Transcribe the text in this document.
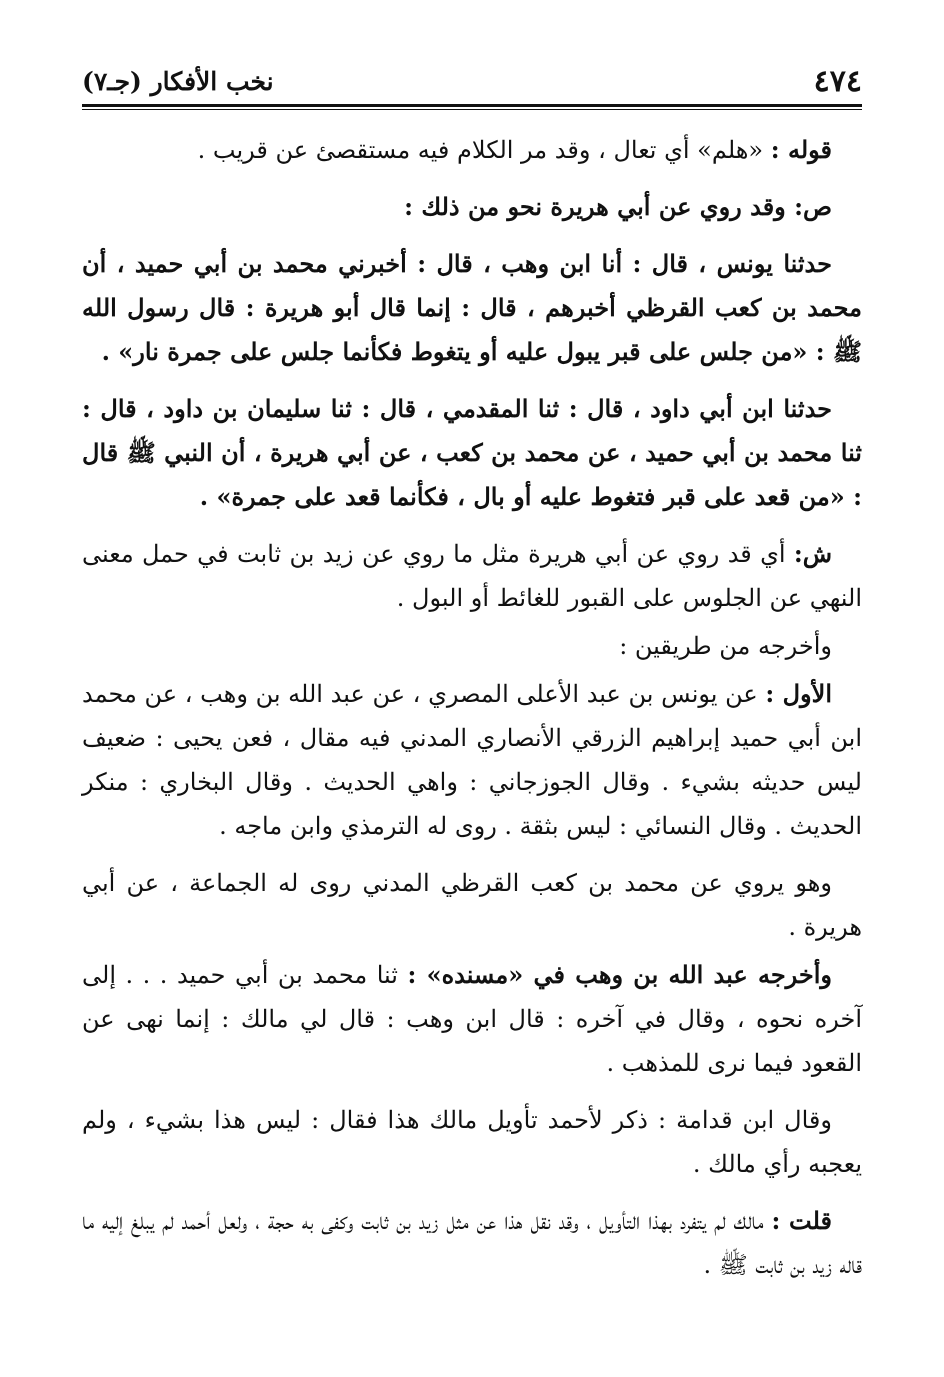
٤٧٤
نخب الأفكار (جـ٧)

قوله : «هلم» أي تعال ، وقد مر الكلام فيه مستقصئ عن قريب .

ص: وقد روي عن أبي هريرة نحو من ذلك :

حدثنا يونس ، قال : أنا ابن وهب ، قال : أخبرني محمد بن أبي حميد ، أن محمد بن كعب القرظي أخبرهم ، قال : إنما قال أبو هريرة : قال رسول الله ﷺ : «من جلس على قبر يبول عليه أو يتغوط فكأنما جلس على جمرة نار» .

حدثنا ابن أبي داود ، قال : ثنا المقدمي ، قال : ثنا سليمان بن داود ، قال : ثنا محمد بن أبي حميد ، عن محمد بن كعب ، عن أبي هريرة ، أن النبي ﷺ قال : «من قعد على قبر فتغوط عليه أو بال ، فكأنما قعد على جمرة» .

ش: أي قد روي عن أبي هريرة مثل ما روي عن زيد بن ثابت في حمل معنى النهي عن الجلوس على القبور للغائط أو البول .

وأخرجه من طريقين :

الأول : عن يونس بن عبد الأعلى المصري ، عن عبد الله بن وهب ، عن محمد ابن أبي حميد إبراهيم الزرقي الأنصاري المدني فيه مقال ، فعن يحيى : ضعيف ليس حديثه بشيء . وقال الجوزجاني : واهي الحديث . وقال البخاري : منكر الحديث . وقال النسائي : ليس بثقة . روى له الترمذي وابن ماجه .

وهو يروي عن محمد بن كعب القرظي المدني روى له الجماعة ، عن أبي هريرة .

وأخرجه عبد الله بن وهب في «مسنده» : ثنا محمد بن أبي حميد . . . إلى آخره نحوه ، وقال في آخره : قال ابن وهب : قال لي مالك : إنما نهى عن القعود فيما نرى للمذهب .

وقال ابن قدامة : ذكر لأحمد تأويل مالك هذا فقال : ليس هذا بشيء ، ولم يعجبه رأي مالك .

قلت : مالك لم يتفرد بهذا التأويل ، وقد نقل هذا عن مثل زيد بن ثابت وكفى به حجة ، ولعل أحمد لم يبلغ إليه ما قاله زيد بن ثابت ﷺ .
